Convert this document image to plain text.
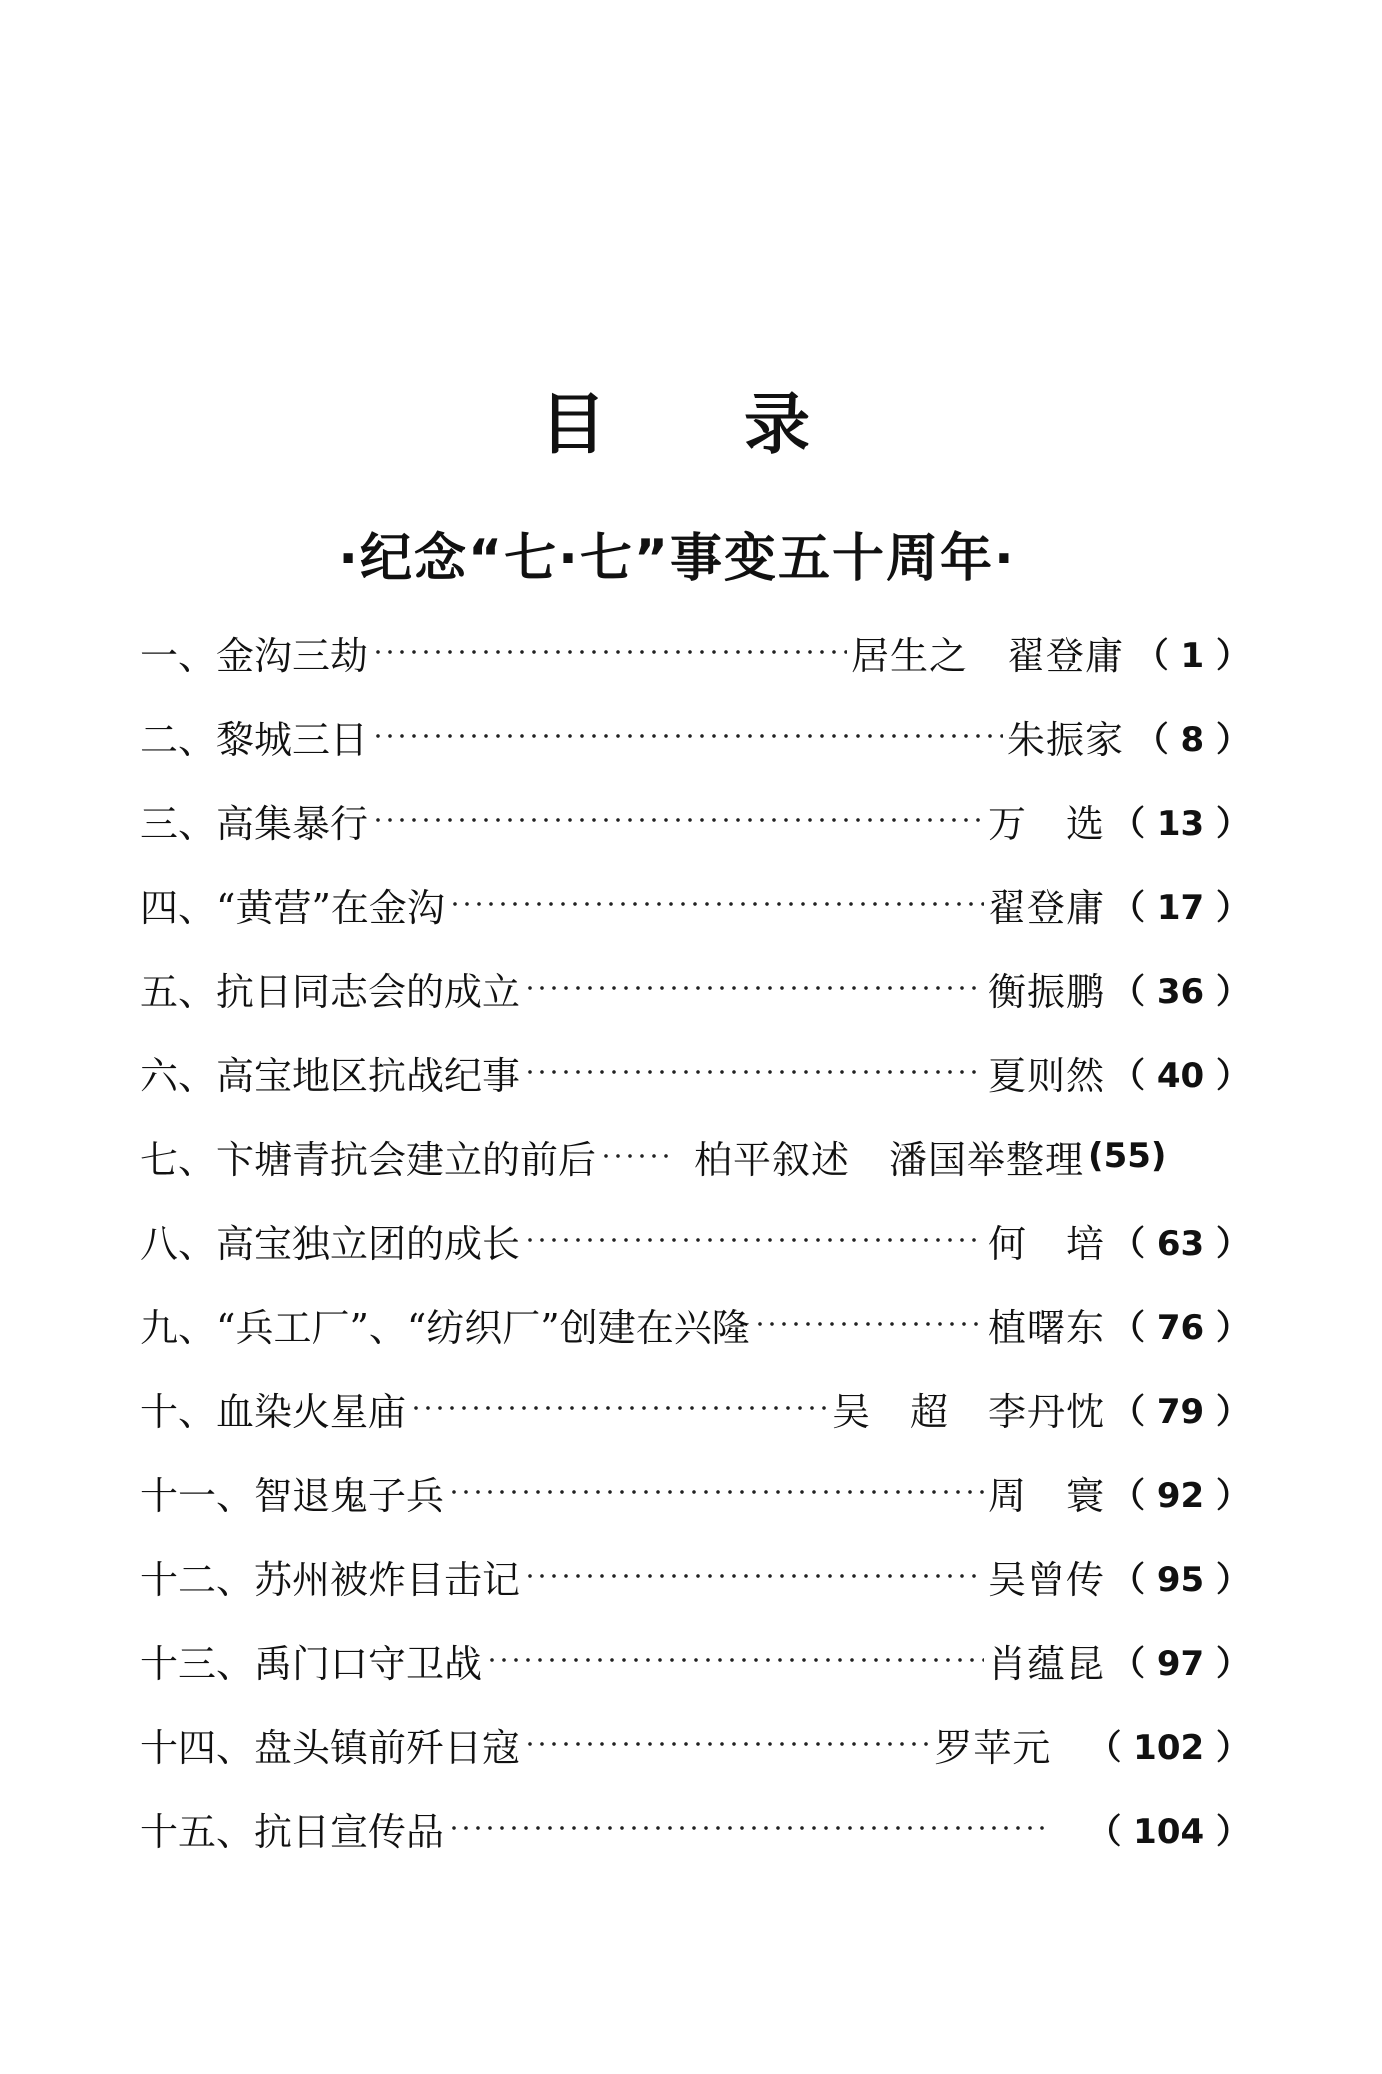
目 录
·纪念“七·七”事变五十周年·
一、 金沟三劫	居生之　翟登庸 （ 1 ）
二、 黎城三日	朱振家 （ 8 ）
三、 高集暴行	万　选 （ 13 ）
四、 “黄营”在金沟	翟登庸 （ 17 ）
五、 抗日同志会的成立	衡振鹏 （ 36 ）
六、 高宝地区抗战纪事	夏则然 （ 40 ）
七、 卞塘青抗会建立的前后	柏平叙述　潘国举整理 (55)
八、 高宝独立团的成长	何　培 （ 63 ）
九、 “兵工厂”、“纺织厂”创建在兴隆	植曙东 （ 76 ）
十、 血染火星庙	吴　超　李丹忱 （ 79 ）
十一、 智退鬼子兵	周　寰 （ 92 ）
十二、 苏州被炸目击记	吴曾传 （ 95 ）
十三、 禹门口守卫战	肖蕴昆 （ 97 ）
十四、 盘头镇前歼日寇	罗苹元 （ 102 ）
十五、 抗日宣传品	（ 104 ）
